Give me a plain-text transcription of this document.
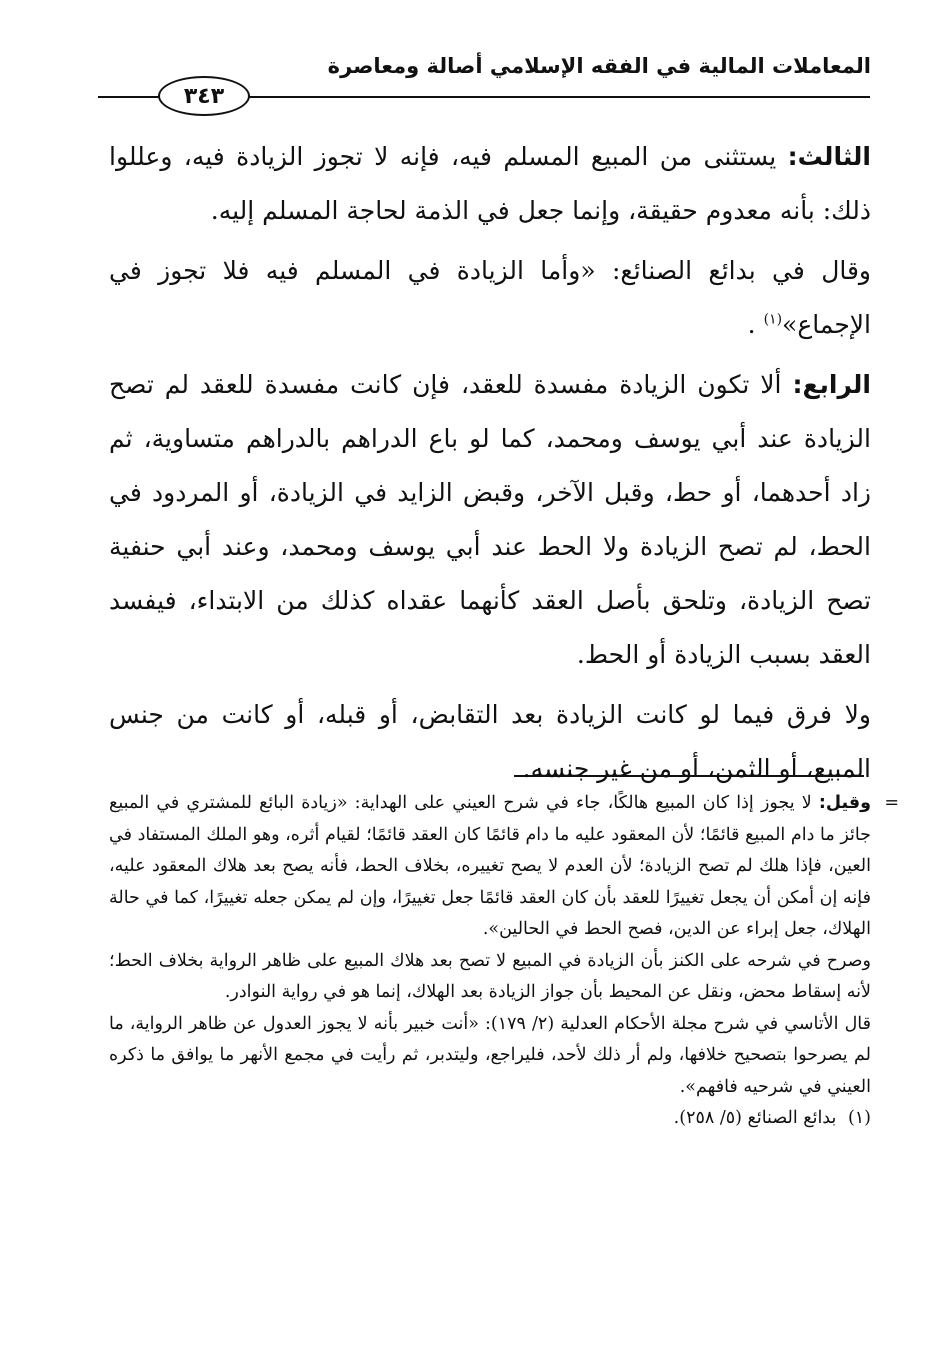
المعاملات المالية في الفقه الإسلامي أصالة ومعاصرة
٣٤٣

الثالث: يستثنى من المبيع المسلم فيه، فإنه لا تجوز الزيادة فيه، وعللوا ذلك: بأنه معدوم حقيقة، وإنما جعل في الذمة لحاجة المسلم إليه.

وقال في بدائع الصنائع: «وأما الزيادة في المسلم فيه فلا تجوز في الإجماع»$^{(١)}$ .

الرابع: ألا تكون الزيادة مفسدة للعقد، فإن كانت مفسدة للعقد لم تصح الزيادة عند أبي يوسف ومحمد، كما لو باع الدراهم بالدراهم متساوية، ثم زاد أحدهما، أو حط، وقبل الآخر، وقبض الزايد في الزيادة، أو المردود في الحط، لم تصح الزيادة ولا الحط عند أبي يوسف ومحمد، وعند أبي حنفية تصح الزيادة، وتلحق بأصل العقد كأنهما عقداه كذلك من الابتداء، فيفسد العقد بسبب الزيادة أو الحط.

ولا فرق فيما لو كانت الزيادة بعد التقابض، أو قبله، أو كانت من جنس المبيع، أو الثمن، أو من غير جنسه.

=
وقيل: لا يجوز إذا كان المبيع هالكًا، جاء في شرح العيني على الهداية: «زيادة البائع للمشتري في المبيع جائز ما دام المبيع قائمًا؛ لأن المعقود عليه ما دام قائمًا كان العقد قائمًا؛ لقيام أثره، وهو الملك المستفاد في العين، فإذا هلك لم تصح الزيادة؛ لأن العدم لا يصح تغييره، بخلاف الحط، فأنه يصح بعد هلاك المعقود عليه، فإنه إن أمكن أن يجعل تغييرًا للعقد بأن كان العقد قائمًا جعل تغييرًا، وإن لم يمكن جعله تغييرًا، كما في حالة الهلاك، جعل إبراء عن الدين، فصح الحط في الحالين».

وصرح في شرحه على الكنز بأن الزيادة في المبيع لا تصح بعد هلاك المبيع على ظاهر الرواية بخلاف الحط؛ لأنه إسقاط محض، ونقل عن المحيط بأن جواز الزيادة بعد الهلاك، إنما هو في رواية النوادر.

قال الأتاسي في شرح مجلة الأحكام العدلية (٢/ ١٧٩): «أنت خبير بأنه لا يجوز العدول عن ظاهر الرواية، ما لم يصرحوا بتصحيح خلافها، ولم أر ذلك لأحد، فليراجع، وليتدبر، ثم رأيت في مجمع الأنهر ما يوافق ما ذكره العيني في شرحيه فافهم».

(١) بدائع الصنائع (٥/ ٢٥٨).
